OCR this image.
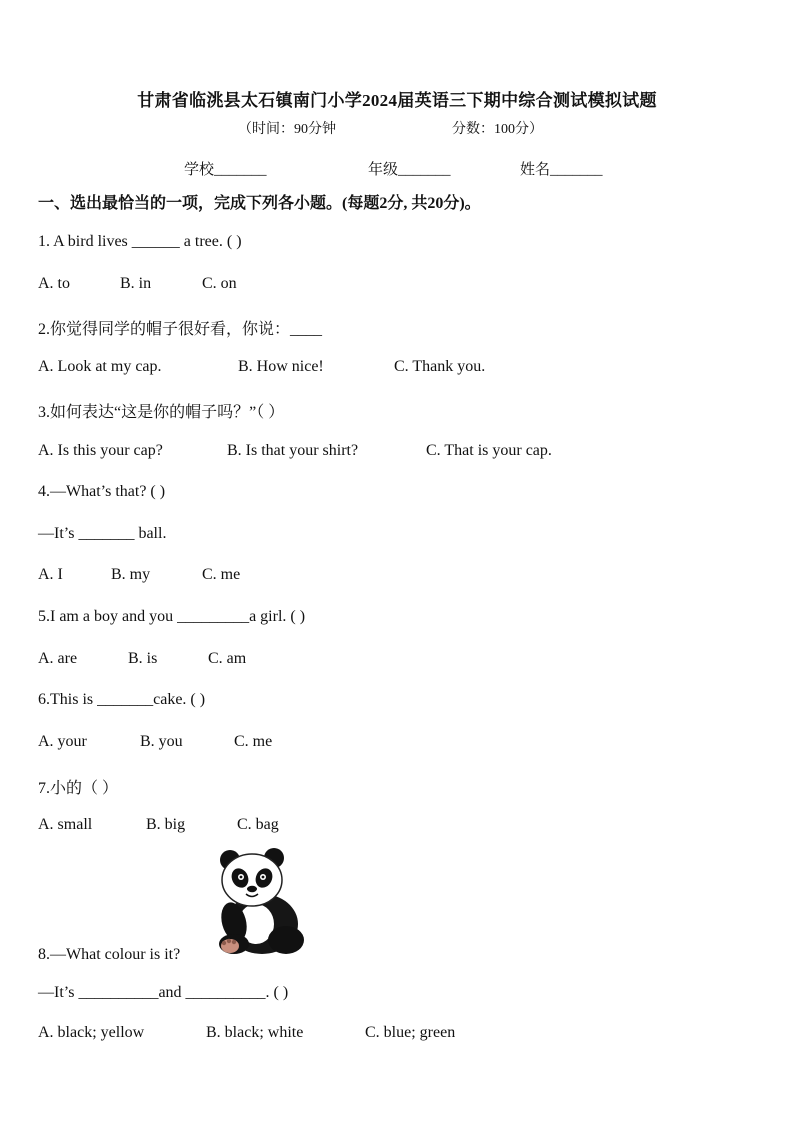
甘肃省临洮县太石镇南门小学2024届英语三下期中综合测试模拟试题
（时间：90分钟	分数：100分）
学校_______	年级_______	姓名_______
一、选出最恰当的一项，完成下列各小题。(每题2分, 共20分)。
1. A bird lives ______ a tree. ( )
A. to	B. in	C. on
2.你觉得同学的帽子很好看，你说：____
A. Look at my cap.	B. How nice!	C. Thank you.
3.如何表达“这是你的帽子吗？”（ ）
A. Is this your cap?	B. Is that your shirt?	C. That is your cap.
4.—What’s that? ( )
—It’s _______ ball.
A. I	B. my	C. me
5.I am a boy and you _________a girl. ( )
A. are	B. is	C. am
6.This is _______cake. ( )
A. your	B. you	C. me
7.小的（ ）
A. small	B. big	C. bag
8.—What colour is it?
—It’s __________and __________. ( )
A. black; yellow	B. black; white	C. blue; green
